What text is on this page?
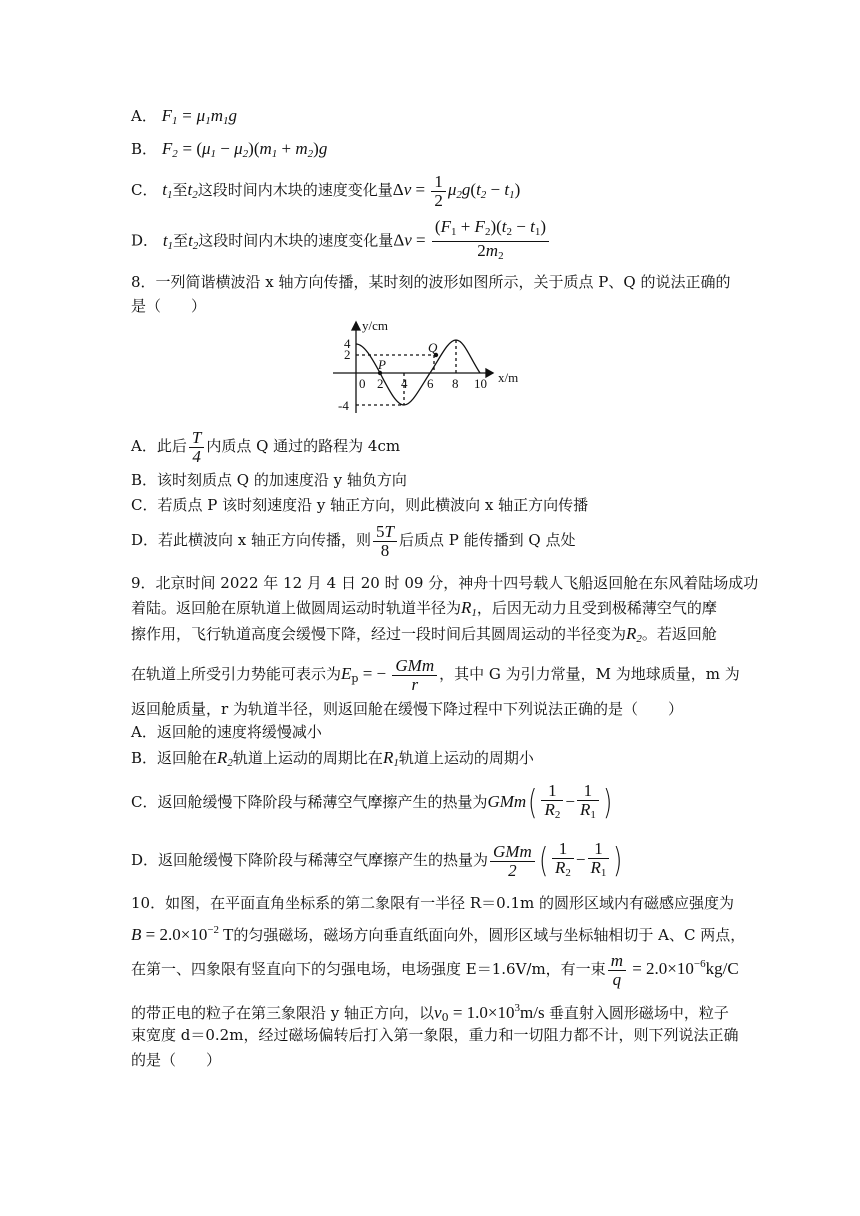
A． $F_1 = \mu_1m_1g$
B． $F_2 = (\mu_1 - \mu_2)(m_1 + m_2)g$
C． $t_1$至$t_2$这段时间内木块的速度变化量$\Delta v = \frac{1}{2} \mu_2g(t_2 - t_1)$
D． $t_1$至$t_2$这段时间内木块的速度变化量$\Delta v = \frac{(F_1 + F_2)(t_2 - t_1)}{2m_2}$
8．一列简谐横波沿 x 轴方向传播，某时刻的波形如图所示，关于质点 P、Q 的说法正确的
是（　　）
y/cm
x/m
4
2
-4
0 2 4 6 8 10
P
Q
A．此后 $\frac{T}{4}$ 内质点 Q 通过的路程为 4cm
B．该时刻质点 Q 的加速度沿 y 轴负方向
C．若质点 P 该时刻速度沿 y 轴正方向，则此横波向 x 轴正方向传播
D．若此横波向 x 轴正方向传播，则 $\frac{5T}{8}$ 后质点 P 能传播到 Q 点处
9．北京时间 2022 年 12 月 4 日 20 时 09 分，神舟十四号载人飞船返回舱在东风着陆场成功
着陆。返回舱在原轨道上做圆周运动时轨道半径为$R_1$，后因无动力且受到极稀薄空气的摩
擦作用，飞行轨道高度会缓慢下降，经过一段时间后其圆周运动的半径变为$R_2$。若返回舱
在轨道上所受引力势能可表示为$E_p$ = − $\frac{\text{GMm}}{r}$ ，其中 G 为引力常量，M 为地球质量，m 为
返回舱质量，r 为轨道半径，则返回舱在缓慢下降过程中下列说法正确的是（　　）
A．返回舱的速度将缓慢减小
B．返回舱在$R_2$轨道上运动的周期比在$R_1$轨道上运动的周期小
C．返回舱缓慢下降阶段与稀薄空气摩擦产生的热量为$GMm( \frac{1}{R_2} - \frac{1}{R_1}$ )
D．返回舱缓慢下降阶段与稀薄空气摩擦产生的热量为 $\frac{\text{GMm}}{2}$ ( $\frac{1}{R_2} - \frac{1}{R_1}$ )
10．如图，在平面直角坐标系的第二象限有一半径 R＝0.1m 的圆形区域内有磁感应强度为
$B = 2.0\times 10^{-2}$ T的匀强磁场，磁场方向垂直纸面向外，圆形区域与坐标轴相切于 A、C 两点，
在第一、四象限有竖直向下的匀强电场，电场强度 E＝1.6V/m，有一束 $\frac{m}{q} = 2.0\times 10^{-6}kg/C$
的带正电的粒子在第三象限沿 y 轴正方向，以$v_0 = 1.0\times 10^3m/s$ 垂直射入圆形磁场中，粒子
束宽度 d＝0.2m，经过磁场偏转后打入第一象限，重力和一切阻力都不计，则下列说法正确
的是（　　）
